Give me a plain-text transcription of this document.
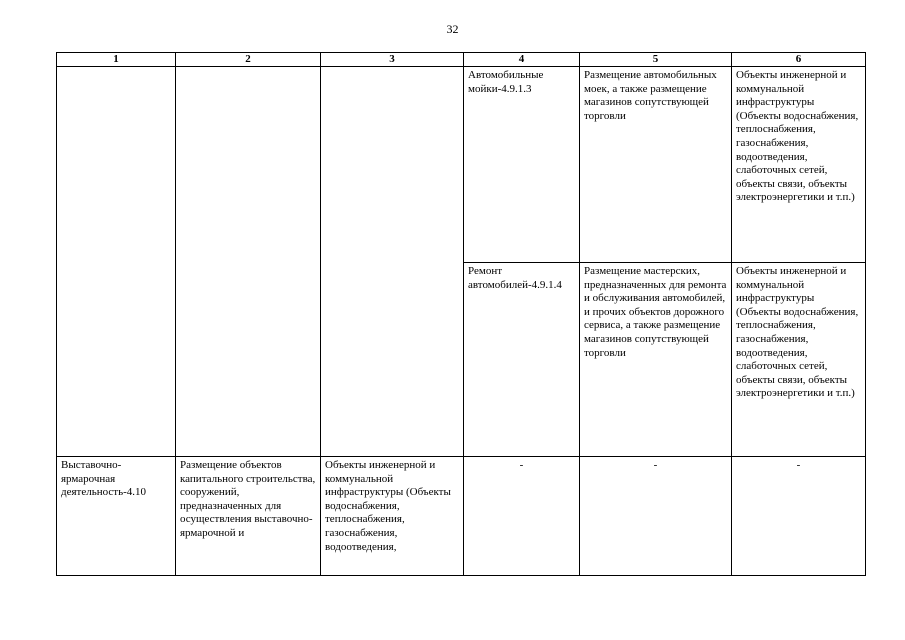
32
1	2	3	4	5	6
			Автомобильные мойки-4.9.1.3	Размещение автомобильных моек, а также размещение магазинов сопутствующей торговли	Объекты инженерной и коммунальной инфраструктуры (Объекты водоснабжения, теплоснабжения, газоснабжения, водоотведения, слаботочных сетей, объекты связи, объекты электроэнергетики и т.п.)
			Ремонт автомобилей-4.9.1.4	Размещение мастерских, предназначенных для ремонта и обслуживания автомобилей, и прочих объектов дорожного сервиса, а также размещение магазинов сопутствующей торговли	Объекты инженерной и коммунальной инфраструктуры (Объекты водоснабжения, теплоснабжения, газоснабжения, водоотведения, слаботочных сетей, объекты связи, объекты электроэнергетики и т.п.)

Выставочно-ярмарочная деятельность-4.10	Размещение объектов капитального строительства, сооружений, предназначенных для осуществления выставочно-ярмарочной и	Объекты инженерной и коммунальной инфраструктуры (Объекты водоснабжения, теплоснабжения, газоснабжения, водоотведения,	-	-	-
